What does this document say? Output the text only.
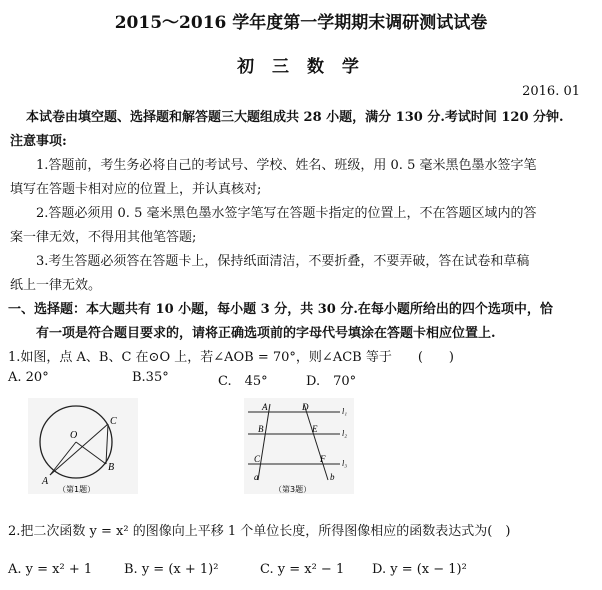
2015～2016 学年度第一学期期末调研测试试卷
初 三 数 学
2016. 01
本试卷由填空题、选择题和解答题三大题组成共 28 小题，满分 130 分.考试时间 120 分钟.
注意事项:
1.答题前，考生务必将自己的考试号、学校、姓名、班级，用 0. 5 毫米黑色墨水签字笔
填写在答题卡相对应的位置上，并认真核对;
2.答题必须用 0. 5 毫米黑色墨水签字笔写在答题卡指定的位置上，不在答题区域内的答
案一律无效，不得用其他笔答题;
3.考生答题必须答在答题卡上，保持纸面清洁，不要折叠，不要弄破，答在试卷和草稿
纸上一律无效。
一、选择题：本大题共有 10 小题，每小题 3 分，共 30 分.在每小题所给出的四个选项中，恰
有一项是符合题目要求的，请将正确选项前的字母代号填涂在答题卡相应位置上.
1.如图，点 A、B、C 在⊙O 上，若∠AOB = 70°，则∠ACB 等于　　(　　)
A. 20°	B.35°	C.　45°	D.　70°
O
C
B
A
（第1题）
A
B
C
D
E
F
a	b
l₁
l₂
l₃
（第3题）
2.把二次函数 y = x² 的图像向上平移 1 个单位长度，所得图像相应的函数表达式为(　)
A. y = x² + 1 B. y = (x + 1)²	C. y = x² − 1 D. y = (x − 1)²
